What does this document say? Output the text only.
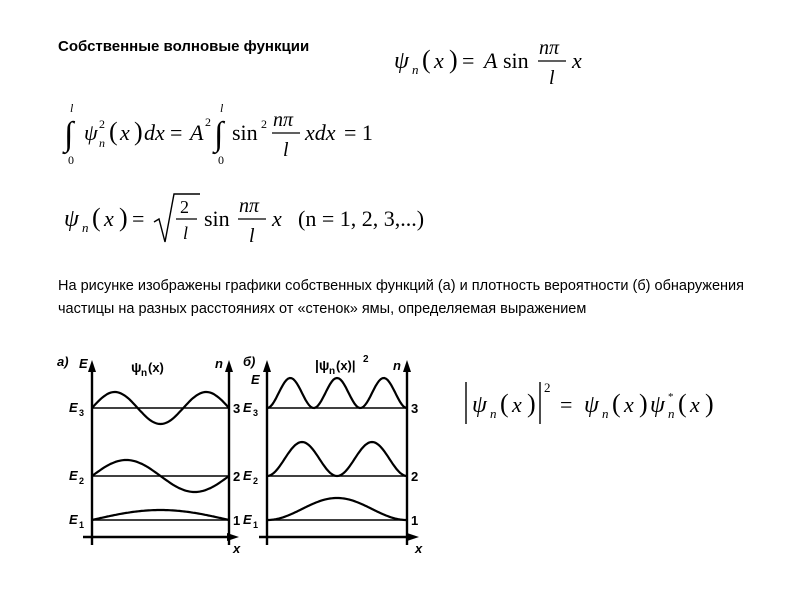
Собственные волновые функции
ψ n ( x ) = A sin nπ
l
x
l
∫
0
ψ 2
n ( x ) dx = A 2
l
∫
0
sin 2 nπ
l
xdx = 1
ψ n ( x ) = 2
l
sin nπ
l
x (n = 1, 2, 3,...)
На рисунке изображены графики собственных функций (а) и плотность вероятности (б) обнаружения частицы на разных расстояниях от «стенок» ямы, определяемая выражением
а) E	ψ n (x)	n
x
E 3
E 2
E 1
3
2
1
б)
E
|ψ n (x)| 2 n
x
E 3
E 2
E 1
3
2
1
ψ n ( x )
2
= ψ n ( x ) ψ *
n ( x )
